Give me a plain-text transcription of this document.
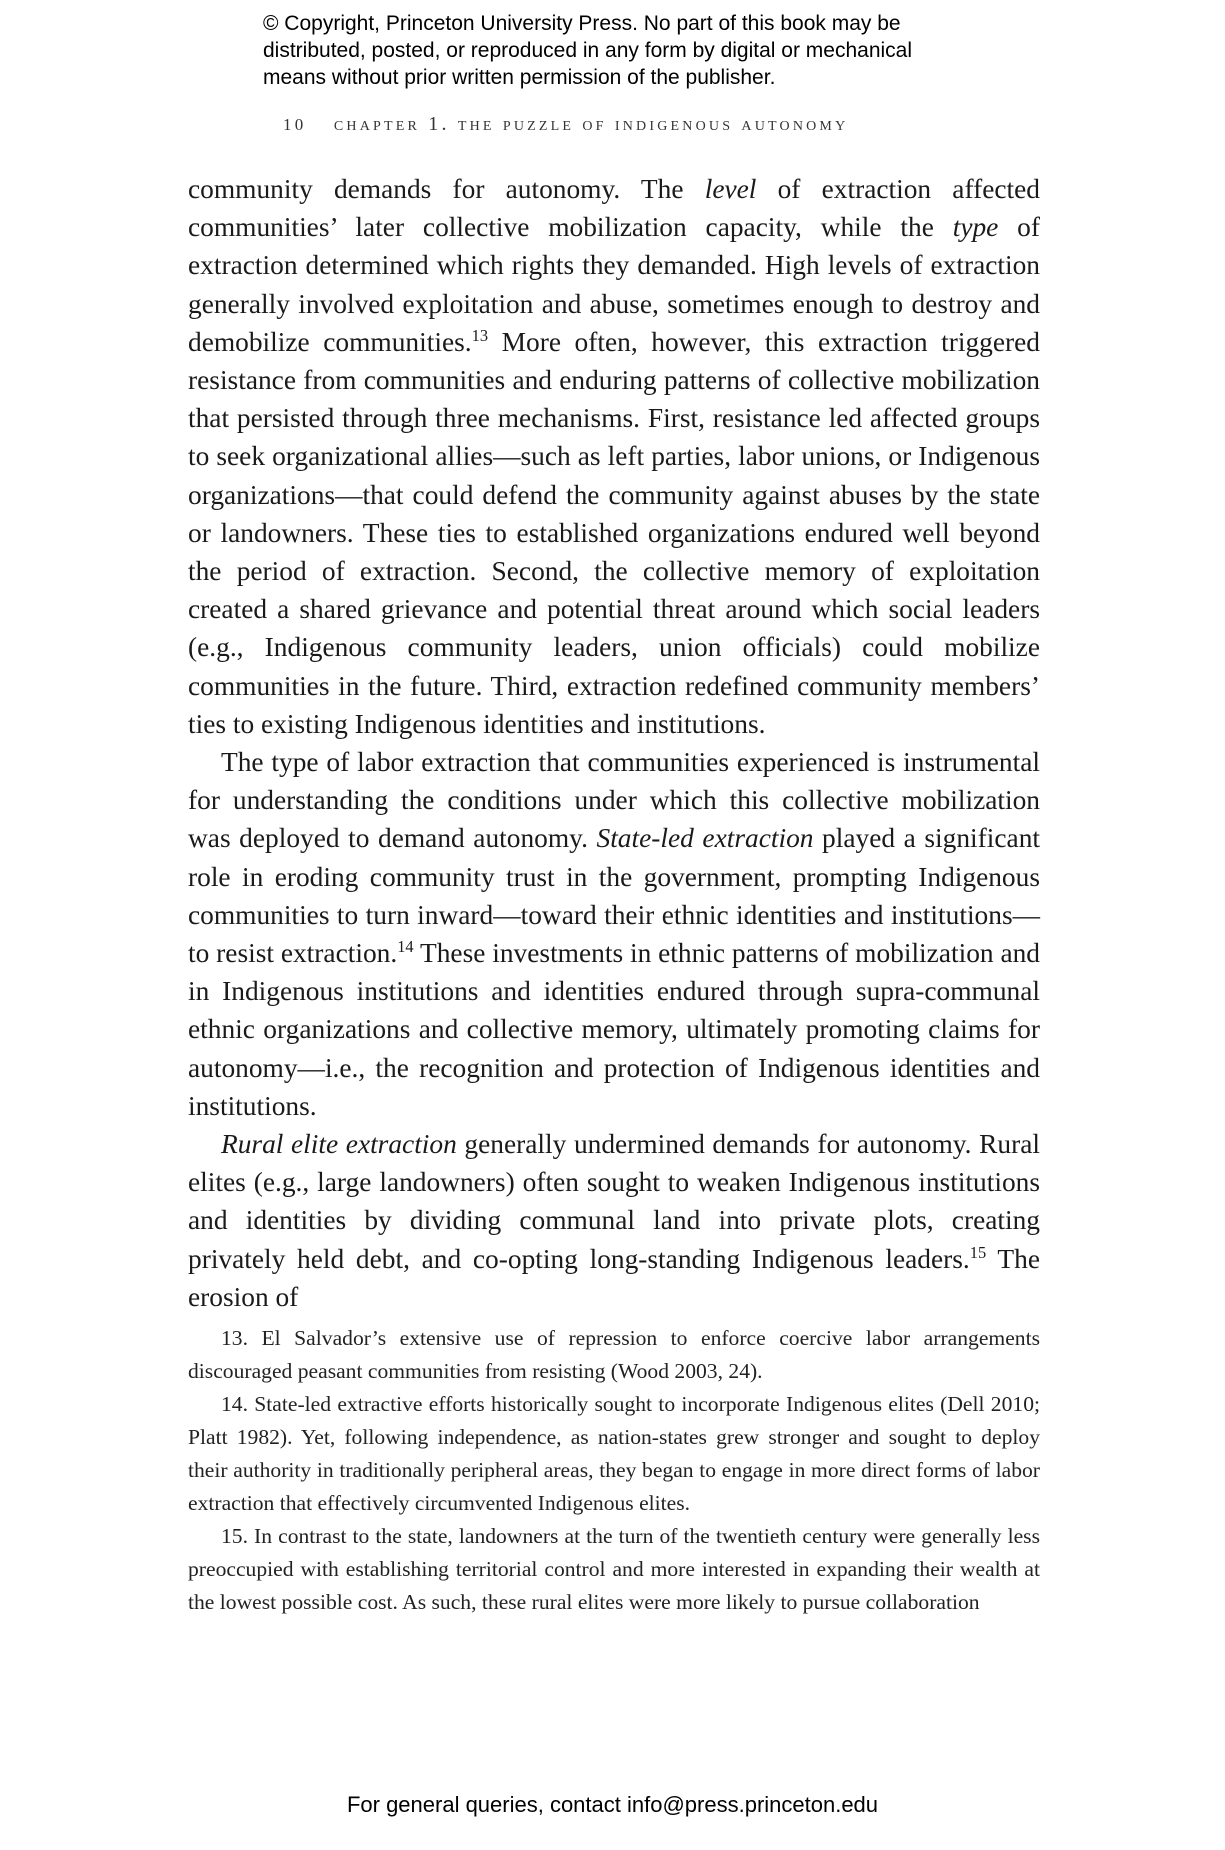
© Copyright, Princeton University Press. No part of this book may be
distributed, posted, or reproduced in any form by digital or mechanical
means without prior written permission of the publisher.
10 chapter 1. the puzzle of indigenous autonomy

community demands for autonomy. The level of extraction affected communities’ later collective mobilization capacity, while the type of extraction determined which rights they demanded. High levels of extraction generally involved exploitation and abuse, sometimes enough to destroy and demobilize communities.$^{13}$ More often, however, this extraction triggered resistance from communities and enduring patterns of collective mobilization that persisted through three mechanisms. First, resistance led affected groups to seek organizational allies—such as left parties, labor unions, or Indigenous organizations—that could defend the community against abuses by the state or landowners. These ties to established organizations endured well beyond the period of extraction. Second, the collective memory of exploitation created a shared grievance and potential threat around which social leaders (e.g., Indigenous community leaders, union officials) could mobilize communities in the future. Third, extraction redefined community members’ ties to existing Indigenous identities and institutions.

The type of labor extraction that communities experienced is instrumental for understanding the conditions under which this collective mobilization was deployed to demand autonomy. State-led extraction played a significant role in eroding community trust in the government, prompting Indigenous communities to turn inward—toward their ethnic identities and institutions—to resist extraction.$^{14}$ These investments in ethnic patterns of mobilization and in Indigenous institutions and identities endured through supra-communal ethnic organizations and collective memory, ultimately promoting claims for autonomy—i.e., the recognition and protection of Indigenous identities and institutions.

Rural elite extraction generally undermined demands for autonomy. Rural elites (e.g., large landowners) often sought to weaken Indigenous institutions and identities by dividing communal land into private plots, creating privately held debt, and co-opting long-standing Indigenous leaders.$^{15}$ The erosion of

13. El Salvador’s extensive use of repression to enforce coercive labor arrangements discouraged peasant communities from resisting (Wood 2003, 24).

14. State-led extractive efforts historically sought to incorporate Indigenous elites (Dell 2010; Platt 1982). Yet, following independence, as nation-states grew stronger and sought to deploy their authority in traditionally peripheral areas, they began to engage in more direct forms of labor extraction that effectively circumvented Indigenous elites.

15. In contrast to the state, landowners at the turn of the twentieth century were generally less preoccupied with establishing territorial control and more interested in expanding their wealth at the lowest possible cost. As such, these rural elites were more likely to pursue collaboration

For general queries, contact info@press.princeton.edu
